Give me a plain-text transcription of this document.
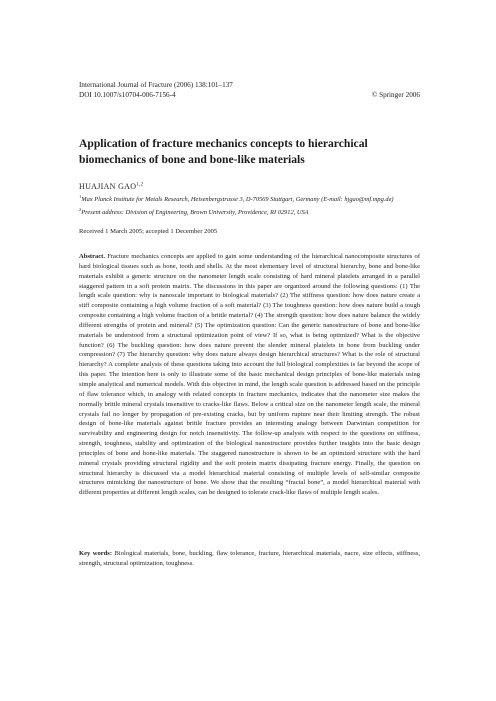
International Journal of Fracture (2006) 138:101–137
DOI 10.1007/s10704-006-7156-4	© Springer 2006
Application of fracture mechanics concepts to hierarchical biomechanics of bone and bone-like materials
HUAJIAN GAO$^{1,2}$
$^1$Max Planck Institute for Metals Research, Heisenbergstrasse 3, D-70569 Stuttgart, Germany (E-mail: hjgao@mf.mpg.de)
$^2$Present address: Division of Engineering, Brown University, Providence, RI 02912, USA
Received 1 March 2005; accepted 1 December 2005

Abstract. Fracture mechanics concepts are applied to gain some understanding of the hierarchical nanocomposite structures of hard biological tissues such as bone, tooth and shells. At the most elementary level of structural hierarchy, bone and bone-like materials exhibit a generic structure on the nanometer length scale consisting of hard mineral platelets arranged in a parallel staggered pattern in a soft protein matrix. The discussions in this paper are organized around the following questions: (1) The length scale question: why is nanoscale important to biological materials? (2) The stiffness question: how does nature create a stiff composite containing a high volume fraction of a soft material? (3) The toughness question: how does nature build a tough composite containing a high volume fraction of a brittle material? (4) The strength question: how does nature balance the widely different strengths of protein and mineral? (5) The optimization question: Can the generic nanostructure of bone and bone-like materials be understood from a structural optimization point of view? If so, what is being optimized? What is the objective function? (6) The buckling question: how does nature prevent the slender mineral platelets in bone from buckling under compression? (7) The hierarchy question: why does nature always design hierarchical structures? What is the role of structural hierarchy? A complete analysis of these questions taking into account the full biological complexities is far beyond the scope of this paper. The intention here is only to illustrate some of the basic mechanical design principles of bone-like materials using simple analytical and numerical models. With this objective in mind, the length scale question is addressed based on the principle of flaw tolerance which, in analogy with related concepts in fracture mechanics, indicates that the nanometer size makes the normally brittle mineral crystals insensitive to cracks-like flaws. Below a critical size on the nanometer length scale, the mineral crystals fail no longer by propagation of pre-existing cracks, but by uniform rupture near their limiting strength. The robust design of bone-like materials against brittle fracture provides an interesting analogy between Darwinian competition for survivability and engineering design for notch insensitivity. The follow-up analysis with respect to the questions on stiffness, strength, toughness, stability and optimization of the biological nanostructure provides further insights into the basic design principles of bone and bone-like materials. The staggered nanostructure is shown to be an optimized structure with the hard mineral crystals providing structural rigidity and the soft protein matrix dissipating fracture energy. Finally, the question on structural hierarchy is discussed via a model hierarchical material consisting of multiple levels of self-similar composite structures mimicking the nanostructure of bone. We show that the resulting “fractal bone”, a model hierarchical material with different properties at different length scales, can be designed to tolerate crack-like flaws of multiple length scales.

Key words: Biological materials, bone, buckling, flaw tolerance, fracture, hierarchical materials, nacre, size effects, stiffness, strength, structural optimization, toughness.
